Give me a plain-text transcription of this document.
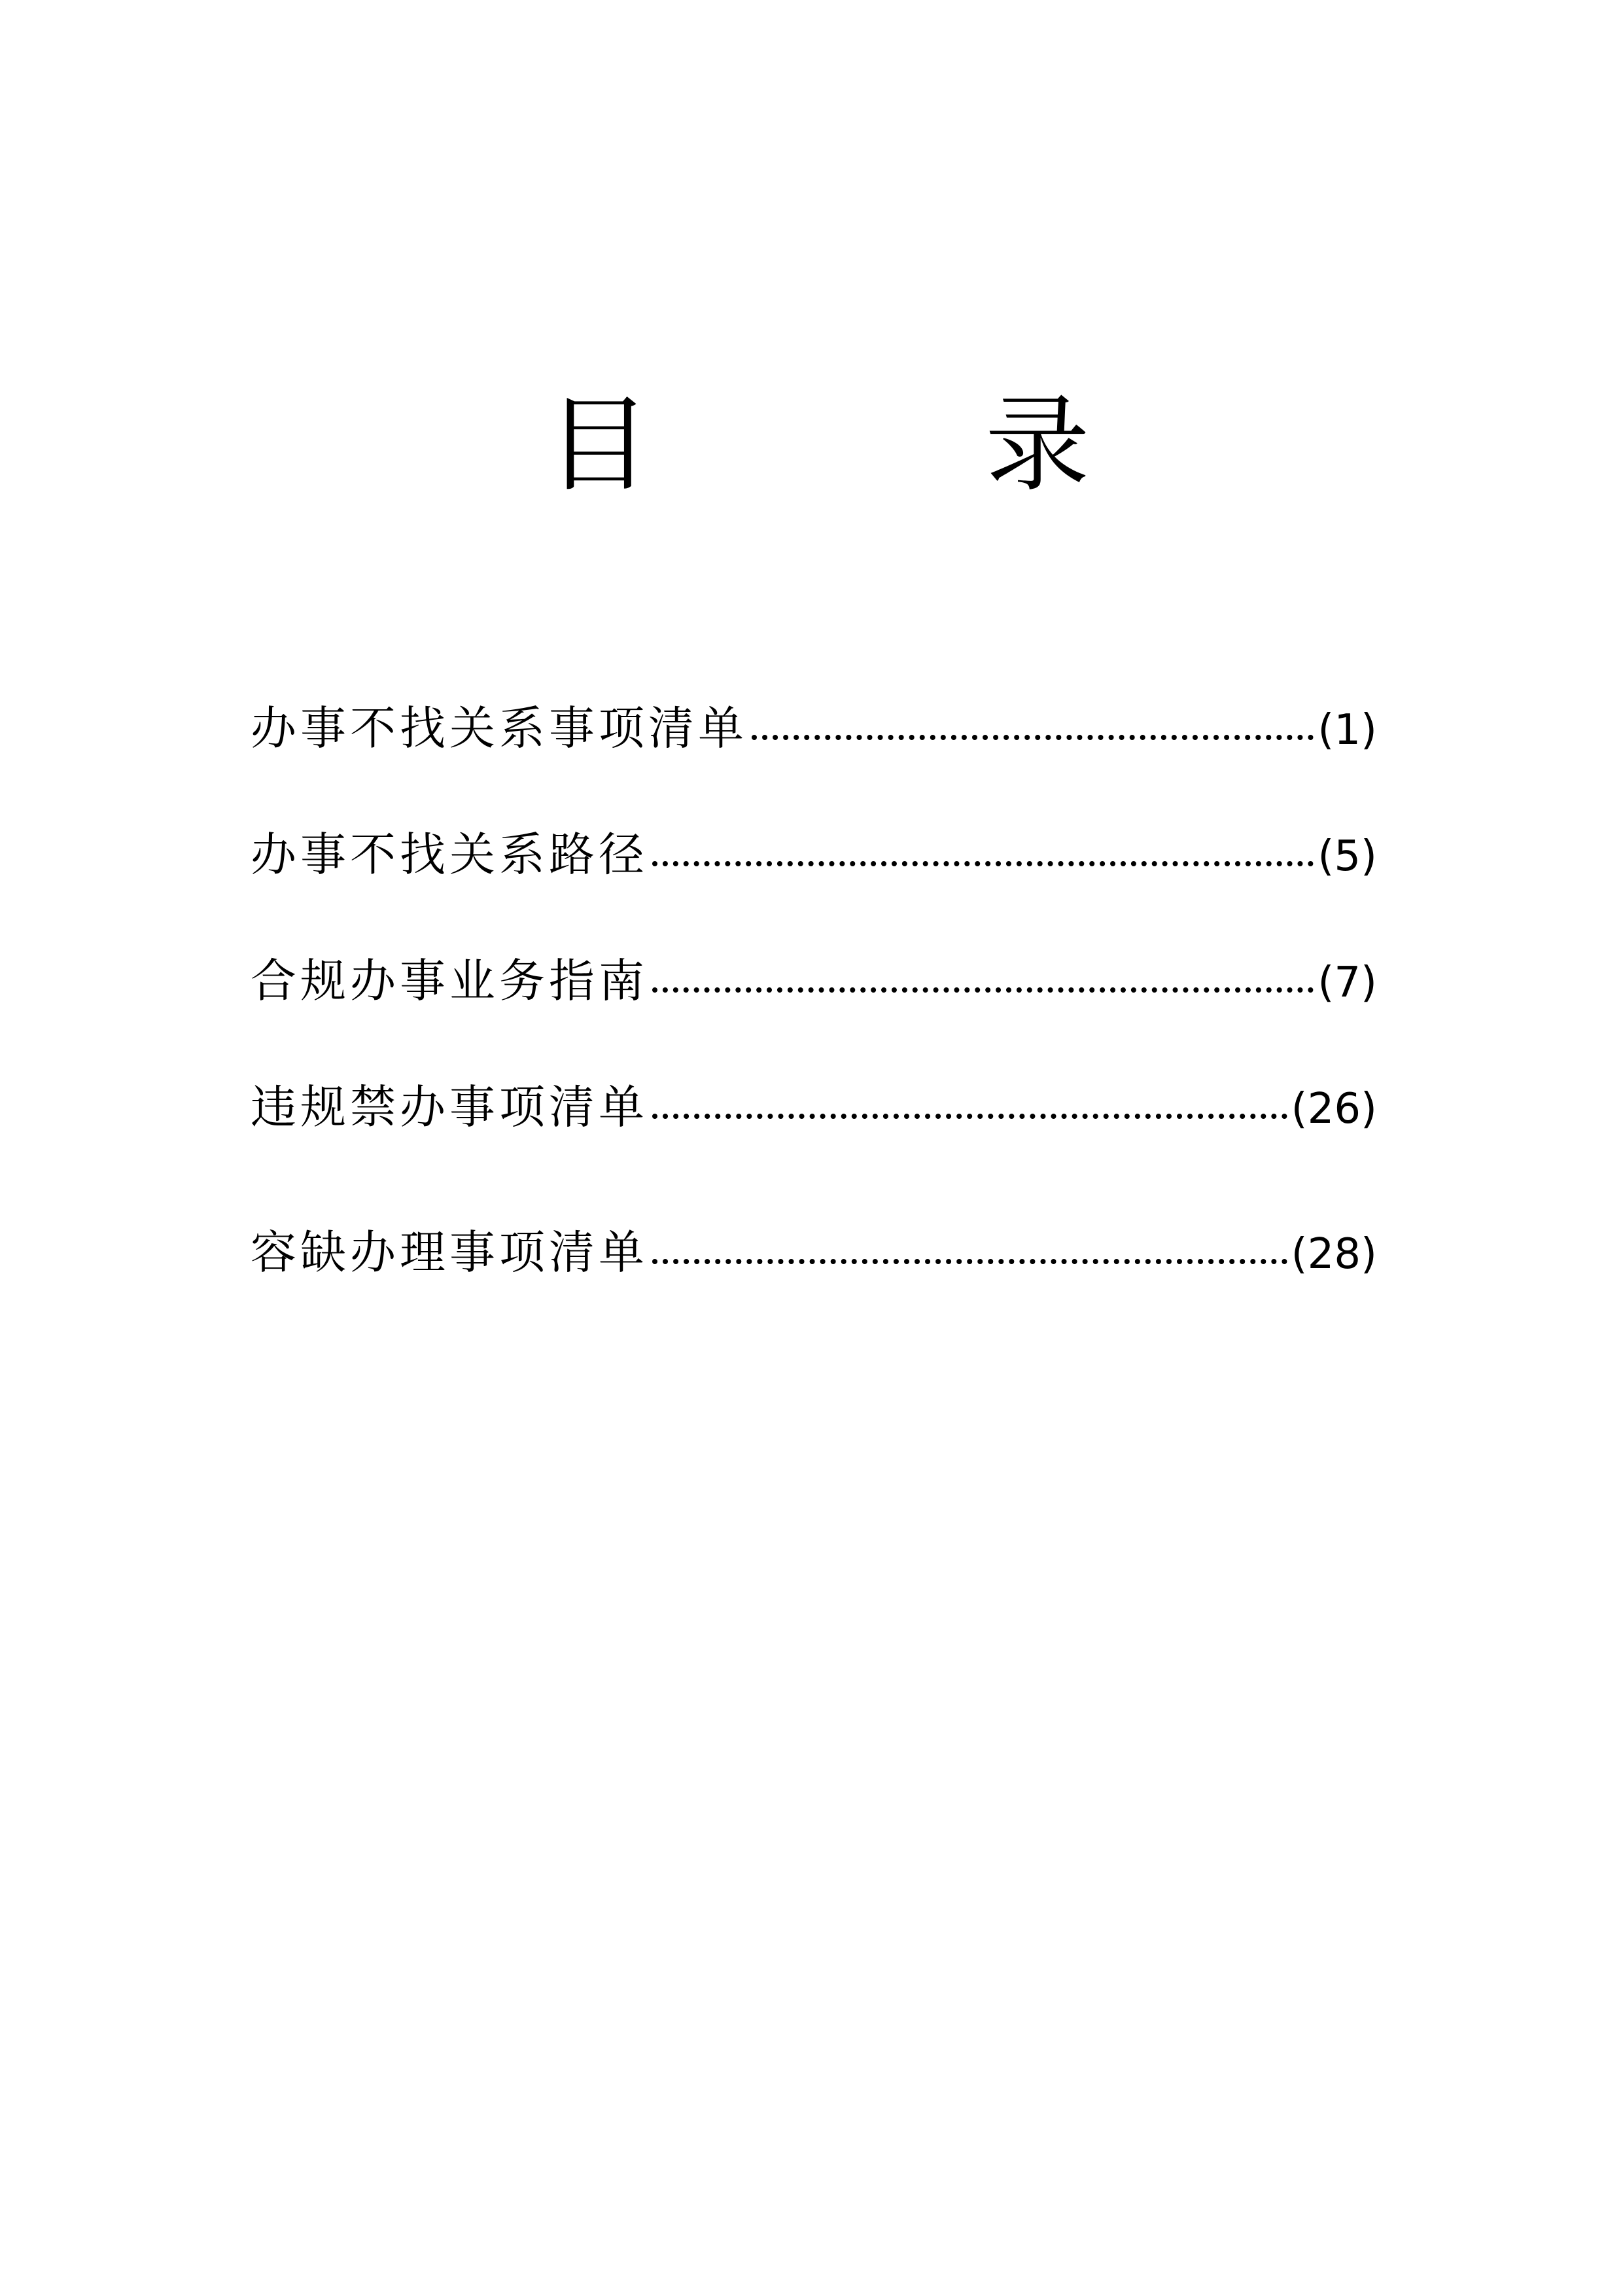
目 录
办事不找关系事项清单	(1)
办事不找关系路径	(5)
合规办事业务指南	(7)
违规禁办事项清单	(26)
容缺办理事项清单	(28)
